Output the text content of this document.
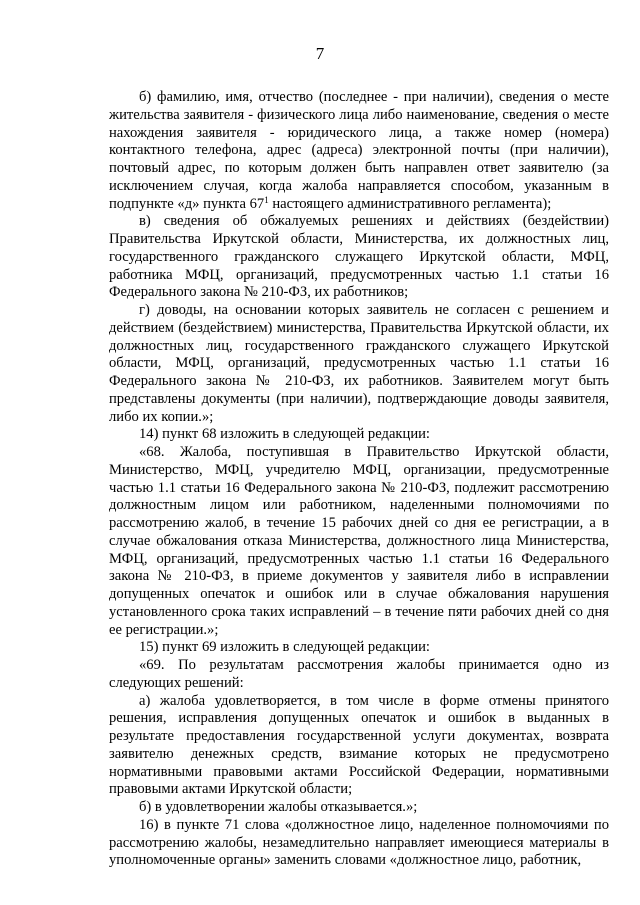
7

б) фамилию, имя, отчество (последнее - при наличии), сведения о месте жительства заявителя - физического лица либо наименование, сведения о месте нахождения заявителя - юридического лица, а также номер (номера) контактного телефона, адрес (адреса) электронной почты (при наличии), почтовый адрес, по которым должен быть направлен ответ заявителю (за исключением случая, когда жалоба направляется способом, указанным в подпункте «д» пункта $67^1$ настоящего административного регламента);

в) сведения об обжалуемых решениях и действиях (бездействии) Правительства Иркутской области, Министерства, их должностных лиц, государственного гражданского служащего Иркутской области, МФЦ, работника МФЦ, организаций, предусмотренных частью 1.1 статьи 16 Федерального закона № 210-ФЗ, их работников;

г) доводы, на основании которых заявитель не согласен с решением и действием (бездействием) министерства, Правительства Иркутской области, их должностных лиц, государственного гражданского служащего Иркутской области, МФЦ, организаций, предусмотренных частью 1.1 статьи 16 Федерального закона № 210-ФЗ, их работников. Заявителем могут быть представлены документы (при наличии), подтверждающие доводы заявителя, либо их копии.»;

14) пункт 68 изложить в следующей редакции:

«68. Жалоба, поступившая в Правительство Иркутской области, Министерство, МФЦ, учредителю МФЦ, организации, предусмотренные частью 1.1 статьи 16 Федерального закона № 210-ФЗ, подлежит рассмотрению должностным лицом или работником, наделенными полномочиями по рассмотрению жалоб, в течение 15 рабочих дней со дня ее регистрации, а в случае обжалования отказа Министерства, должностного лица Министерства, МФЦ, организаций, предусмотренных частью 1.1 статьи 16 Федерального закона № 210-ФЗ, в приеме документов у заявителя либо в исправлении допущенных опечаток и ошибок или в случае обжалования нарушения установленного срока таких исправлений – в течение пяти рабочих дней со дня ее регистрации.»;

15) пункт 69 изложить в следующей редакции:

«69. По результатам рассмотрения жалобы принимается одно из следующих решений:

а) жалоба удовлетворяется, в том числе в форме отмены принятого решения, исправления допущенных опечаток и ошибок в выданных в результате предоставления государственной услуги документах, возврата заявителю денежных средств, взимание которых не предусмотрено нормативными правовыми актами Российской Федерации, нормативными правовыми актами Иркутской области;

б) в удовлетворении жалобы отказывается.»;

16) в пункте 71 слова «должностное лицо, наделенное полномочиями по рассмотрению жалобы, незамедлительно направляет имеющиеся материалы в уполномоченные органы» заменить словами «должностное лицо, работник,
